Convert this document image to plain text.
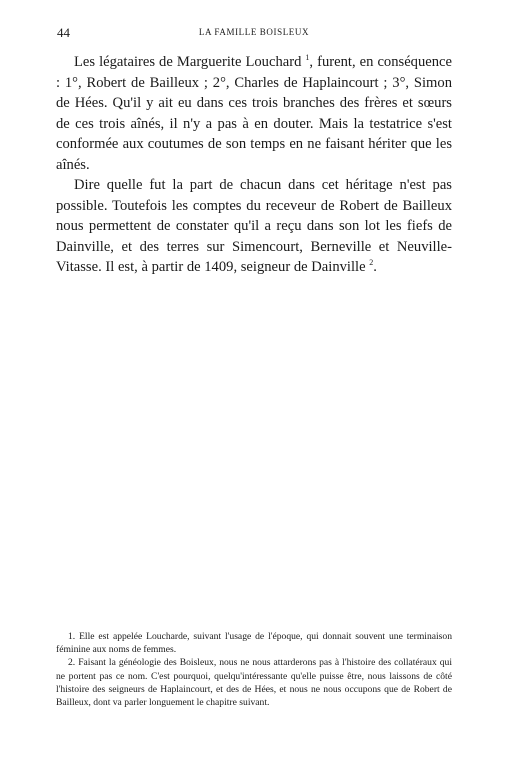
44	LA FAMILLE BOISLEUX

Les légataires de Marguerite Louchard $^1$, furent, en conséquence : 1°, Robert de Bailleux ; 2°, Charles de Haplaincourt ; 3°, Simon de Hées. Qu'il y ait eu dans ces trois branches des frères et sœurs de ces trois aînés, il n'y a pas à en douter. Mais la testatrice s'est conformée aux coutumes de son temps en ne faisant hériter que les aînés.

Dire quelle fut la part de chacun dans cet héritage n'est pas possible. Toutefois les comptes du receveur de Robert de Bailleux nous permettent de constater qu'il a reçu dans son lot les fiefs de Dainville, et des terres sur Simencourt, Berneville et Neuville-Vitasse. Il est, à partir de 1409, seigneur de Dainville $^2$.

1. Elle est appelée Loucharde, suivant l'usage de l'époque, qui donnait souvent une terminaison féminine aux noms de femmes.

2. Faisant la généologie des Boisleux, nous ne nous attarderons pas à l'histoire des collatéraux qui ne portent pas ce nom. C'est pourquoi, quelqu'intéressante qu'elle puisse être, nous laissons de côté l'histoire des seigneurs de Haplaincourt, et des de Hées, et nous ne nous occupons que de Robert de Bailleux, dont va parler longuement le chapitre suivant.
